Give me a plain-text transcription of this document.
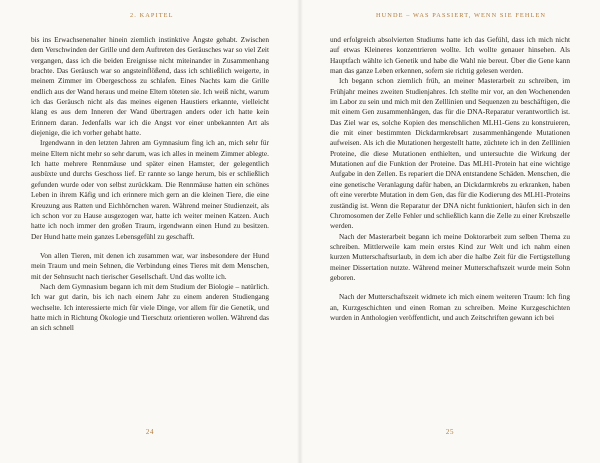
2. KAPITEL

bis ins Erwachsenenalter hinein ziemlich instinktive Ängste gehabt. Zwischen dem Verschwinden der Grille und dem Auftreten des Geräusches war so viel Zeit vergangen, dass ich die beiden Ereignisse nicht miteinander in Zusammenhang brachte. Das Geräusch war so angsteinflößend, dass ich schließlich weigerte, in meinem Zimmer im Obergeschoss zu schlafen. Eines Nachts kam die Grille endlich aus der Wand heraus und meine Eltern töteten sie. Ich weiß nicht, warum ich das Geräusch nicht als das meines eigenen Haustiers erkannte, vielleicht klang es aus dem Inneren der Wand übertragen anders oder ich hatte kein Erinnern daran. Jedenfalls war ich die Angst vor einer unbekannten Art als diejenige, die ich vorher gehabt hatte.

Irgendwann in den letzten Jahren am Gymnasium fing ich an, mich sehr für meine Eltern nicht mehr so sehr darum, was ich alles in meinem Zimmer ablegte. Ich hatte mehrere Rennmäuse und später einen Hamster, der gelegentlich ausbüxte und durchs Geschoss lief. Er rannte so lange herum, bis er schließlich gefunden wurde oder von selbst zurückkam. Die Rennmäuse hatten ein schönes Leben in ihrem Käfig und ich erinnere mich gern an die kleinen Tiere, die eine Kreuzung aus Ratten und Eichhörnchen waren. Während meiner Studienzeit, als ich schon vor zu Hause ausgezogen war, hatte ich weiter meinen Katzen. Auch hatte ich noch immer den großen Traum, irgendwann einen Hund zu besitzen. Der Hund hatte mein ganzes Lebensgefühl zu geschafft.

Von allen Tieren, mit denen ich zusammen war, war insbesondere der Hund mein Traum und mein Sehnen, die Verbindung eines Tieres mit dem Menschen, mit der Sehnsucht nach tierischer Gesellschaft. Und das wollte ich.

Nach dem Gymnasium begann ich mit dem Studium der Biologie – natürlich. Ich war gut darin, bis ich nach einem Jahr zu einem anderen Studiengang wechselte. Ich interessierte mich für viele Dinge, vor allem für die Genetik, und hatte mich in Richtung Ökologie und Tierschutz orientieren wollen. Während das an sich schnell

24
HUNDE – WAS PASSIERT, WENN SIE FEHLEN

und erfolgreich absolvierten Studiums hatte ich das Gefühl, dass ich mich nicht auf etwas Kleineres konzentrieren wollte. Ich wollte genauer hinsehen. Als Hauptfach wählte ich Genetik und habe die Wahl nie bereut. Über die Gene kann man das ganze Leben erkennen, sofern sie richtig gelesen werden.

Ich begann schon ziemlich früh, an meiner Masterarbeit zu schreiben, im Frühjahr meines zweiten Studienjahres. Ich stellte mir vor, an den Wochenenden im Labor zu sein und mich mit den Zelllinien und Sequenzen zu beschäftigen, die mit einem Gen zusammenhängen, das für die DNA-Reparatur verantwortlich ist. Das Ziel war es, solche Kopien des menschlichen MLH1-Gens zu konstruieren, die mit einer bestimmten Dickdarmkrebsart zusammenhängende Mutationen aufweisen. Als ich die Mutationen hergestellt hatte, züchtete ich in den Zelllinien Proteine, die diese Mutationen enthielten, und untersuchte die Wirkung der Mutationen auf die Funktion der Proteine. Das MLH1-Protein hat eine wichtige Aufgabe in den Zellen. Es repariert die DNA entstandene Schäden. Menschen, die eine genetische Veranlagung dafür haben, an Dickdarmkrebs zu erkranken, haben oft eine vererbte Mutation in dem Gen, das für die Kodierung des MLH1-Proteins zuständig ist. Wenn die Reparatur der DNA nicht funktioniert, häufen sich in den Chromosomen der Zelle Fehler und schließlich kann die Zelle zu einer Krebszelle werden.

Nach der Masterarbeit begann ich meine Doktorarbeit zum selben Thema zu schreiben. Mittlerweile kam mein erstes Kind zur Welt und ich nahm einen kurzen Mutterschaftsurlaub, in dem ich aber die halbe Zeit für die Fertigstellung meiner Dissertation nutzte. Während meiner Mutterschaftszeit wurde mein Sohn geboren.

Nach der Mutterschaftszeit widmete ich mich einem weiteren Traum: Ich fing an, Kurzgeschichten und einen Roman zu schreiben. Meine Kurzgeschichten wurden in Anthologien veröffentlicht, und auch Zeitschriften gewann ich bei

25
